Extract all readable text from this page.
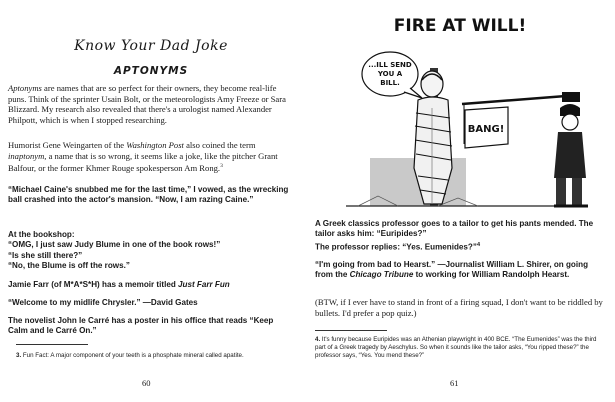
Know Your Dad Joke
APTONYMS

Aptonyms are names that are so perfect for their owners, they become real-life puns. Think of the sprinter Usain Bolt, or the meteorologists Amy Freeze or Sara Blizzard. My research also revealed that there's a urologist named Alexander Philpott, which is when I stopped researching.

Humorist Gene Weingarten of the Washington Post also coined the term inaptonym, a name that is so wrong, it seems like a joke, like the pitcher Grant Balfour, or the former Khmer Rouge spokesperson Am Rong.$^3$

“Michael Caine's snubbed me for the last time,” I vowed, as the wrecking ball crashed into the actor's mansion. “Now, I am razing Caine.”

At the bookshop:
“OMG, I just saw Judy Blume in one of the book rows!”
“Is she still there?”
“No, the Blume is off the rows.”

Jamie Farr (of M*A*S*H) has a memoir titled Just Farr Fun

“Welcome to my midlife Chrysler.” —David Gates

The novelist John le Carré has a poster in his office that reads “Keep Calm and le Carré On.”

3. Fun Fact: A major component of your teeth is a phosphate mineral called apatite.
60
FIRE AT WILL!
...ILL SEND
YOU A
BILL.
BANG!

A Greek classics professor goes to a tailor to get his pants mended. The tailor asks him: “Euripides?”
The professor replies: “Yes. Eumenides?”$^4$

“I'm going from bad to Hearst.” —Journalist William L. Shirer, on going from the Chicago Tribune to working for William Randolph Hearst.

(BTW, if I ever have to stand in front of a firing squad, I don't want to be riddled by bullets. I'd prefer a pop quiz.)

4. It's funny because Euripides was an Athenian playwright in 400 BCE. “The Eumenides” was the third part of a Greek tragedy by Aeschylus. So when it sounds like the tailor asks, “You ripped these?” the professor says, “Yes. You mend these?”
61
